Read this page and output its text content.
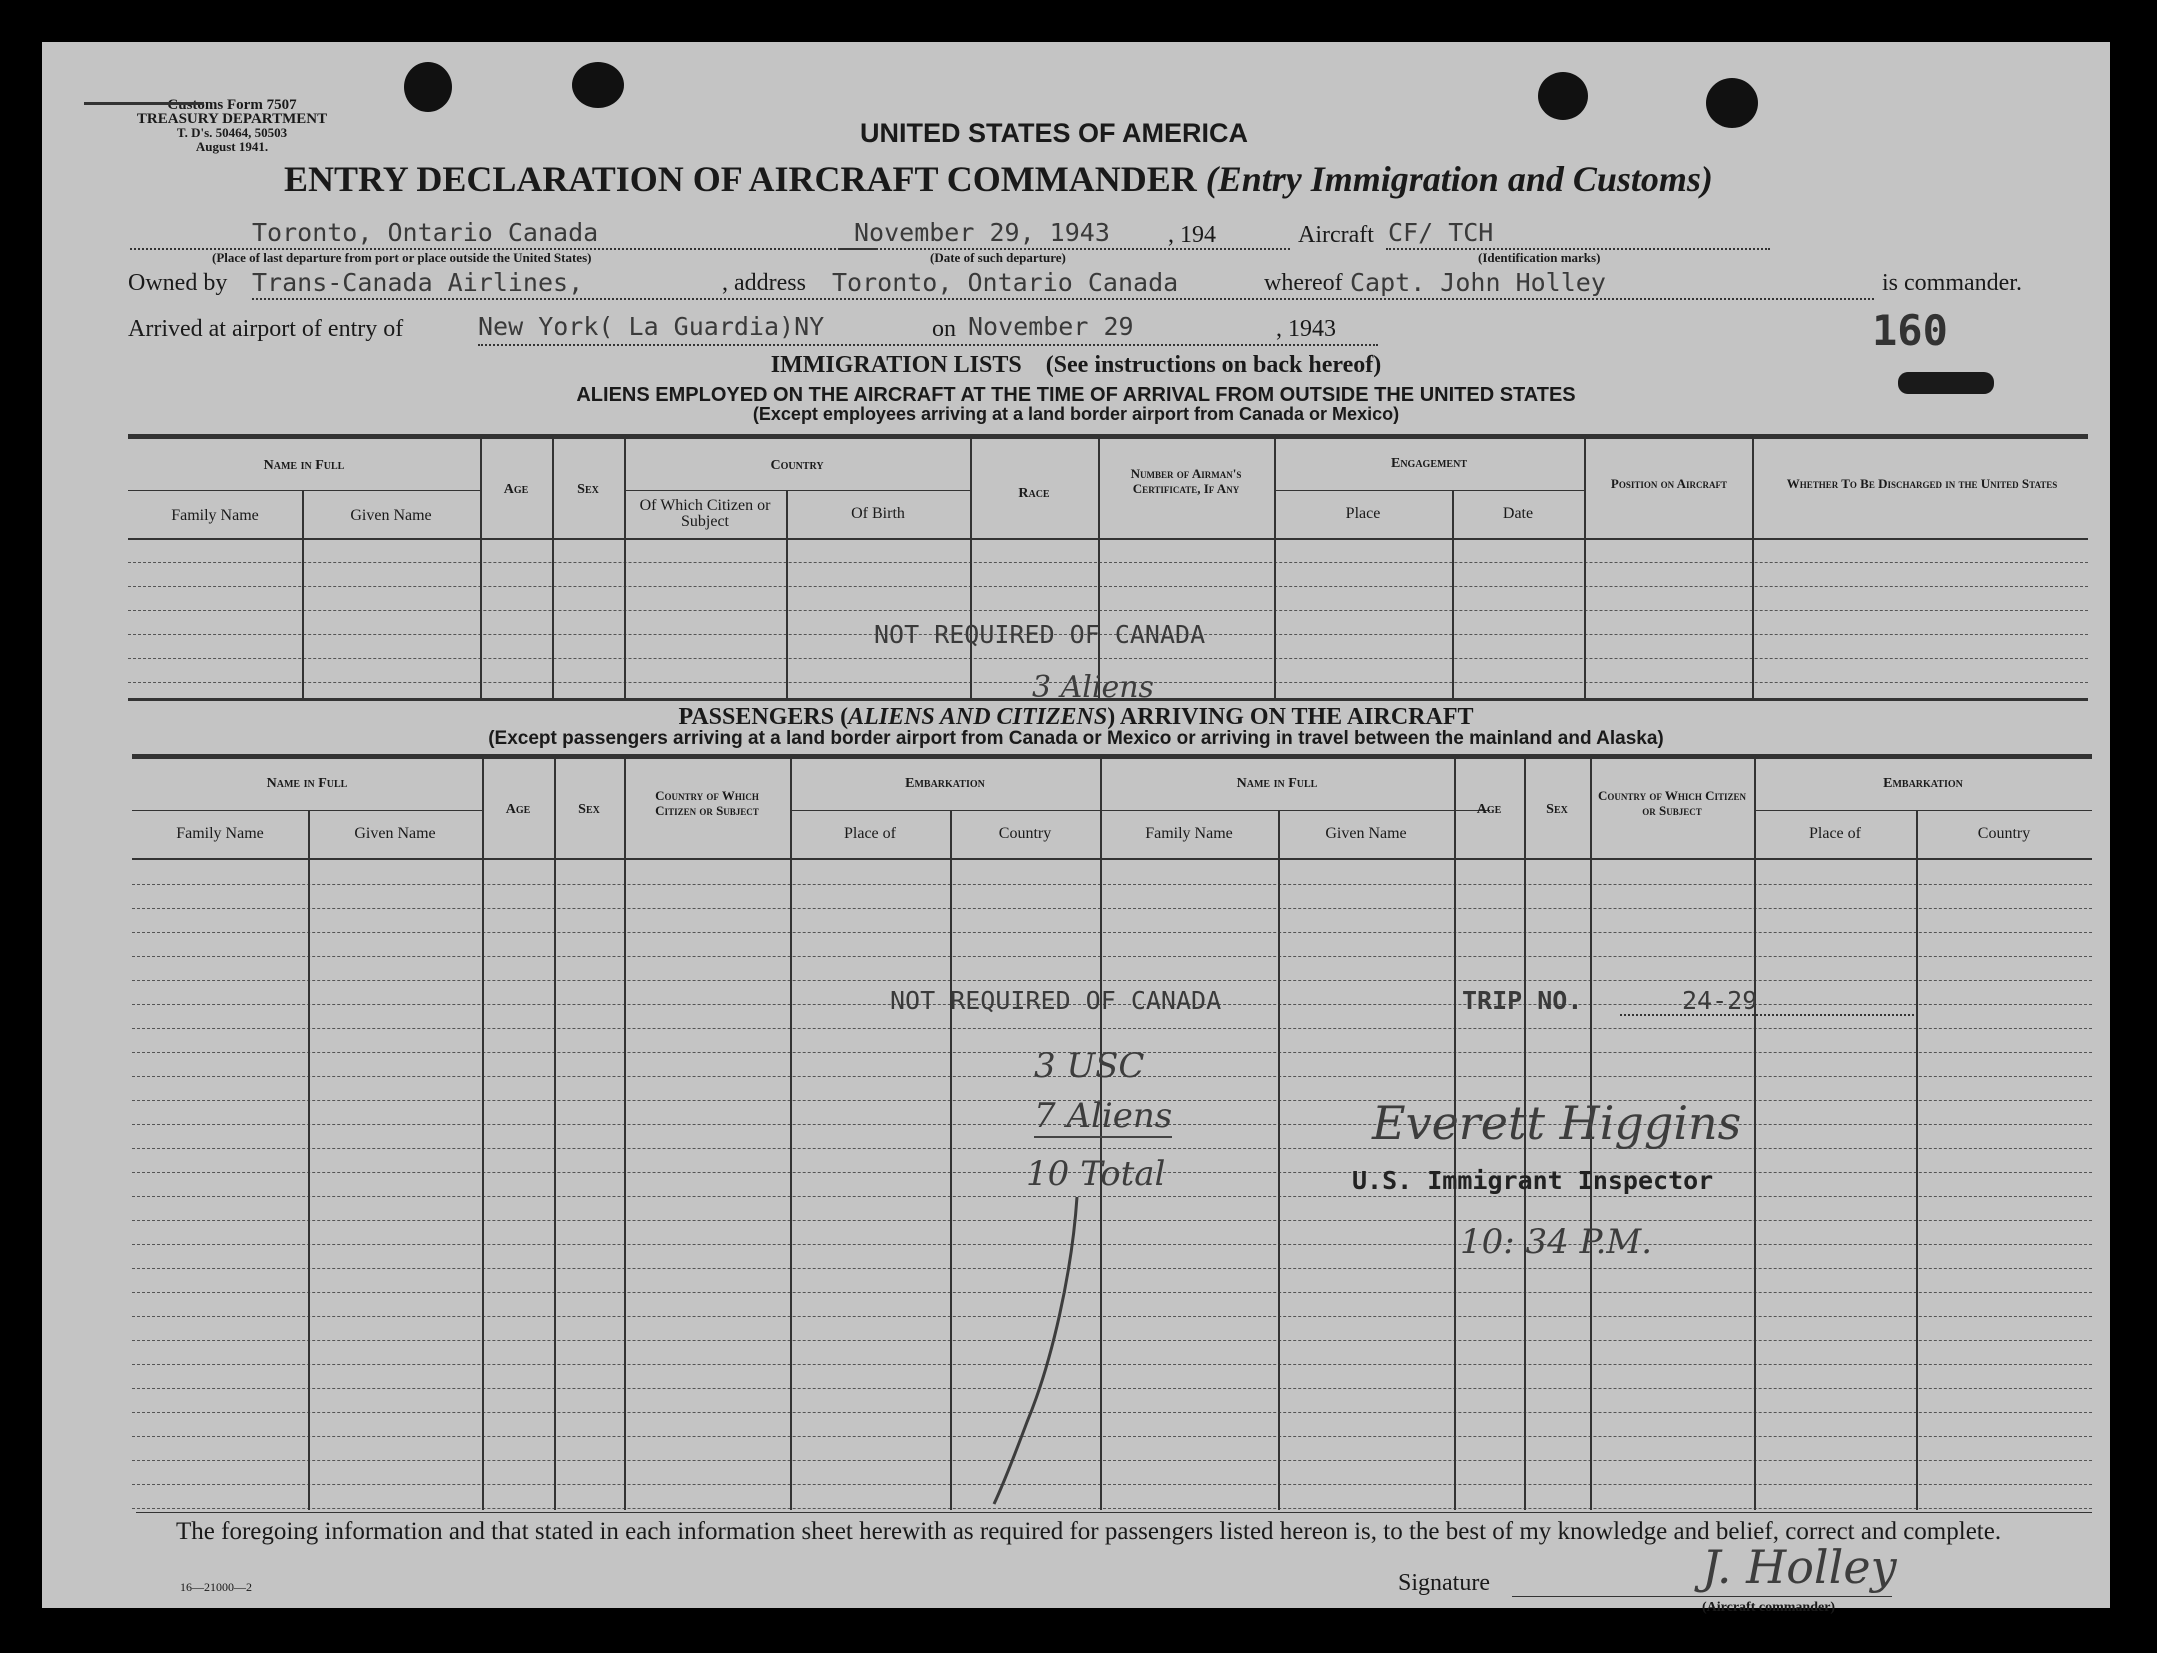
Customs Form 7507
TREASURY DEPARTMENT
T. D's. 50464, 50503
August 1941.	UNITED STATES OF AMERICA
ENTRY DECLARATION OF AIRCRAFT COMMANDER (Entry Immigration and Customs)
Toronto, Ontario Canada
(Place of last departure from port or place outside the United States)
November 29, 1943 , 194
(Date of such departure)
Aircraft CF/ TCH
(Identification marks)
Owned by Trans-Canada Airlines,	, address Toronto, Ontario Canada	whereof Capt. John Holley	is commander.
Arrived at airport of entry of	New York( La Guardia)NY	on November 29	, 1943	160
IMMIGRATION LISTS (See instructions on back hereof)
ALIENS EMPLOYED ON THE AIRCRAFT AT THE TIME OF ARRIVAL FROM OUTSIDE THE UNITED STATES
(Except employees arriving at a land border airport from Canada or Mexico)
Name in Full
Family Name	Given Name
Age	Sex
Country
Of Which Citizen or Subject	Of Birth
Race
Number of Airman's Certificate, If Any
Engagement
Place	Date
Position on Aircraft	Whether To Be Discharged in the United States
NOT REQUIRED OF CANADA
3 Aliens
PASSENGERS (ALIENS AND CITIZENS) ARRIVING ON THE AIRCRAFT
(Except passengers arriving at a land border airport from Canada or Mexico or arriving in travel between the mainland and Alaska)
Name in Full
Family Name	Given Name
Age	Sex
Country of Which Citizen or Subject
Embarkation
Place of	Country
Name in Full
Family Name	Given Name
Age	Sex
Country of Which Citizen or Subject
Embarkation
Place of	Country
NOT REQUIRED OF CANADA	TRIP NO.	24-29
3 USC
7 Aliens
10 Total
Everett Higgins
U.S. Immigrant Inspector
10: 34 P.M.
The foregoing information and that stated in each information sheet herewith as required for passengers listed hereon is, to the best of my knowledge and belief, correct and complete.
16—21000—2	Signature	J. Holley
(Aircraft commander)
